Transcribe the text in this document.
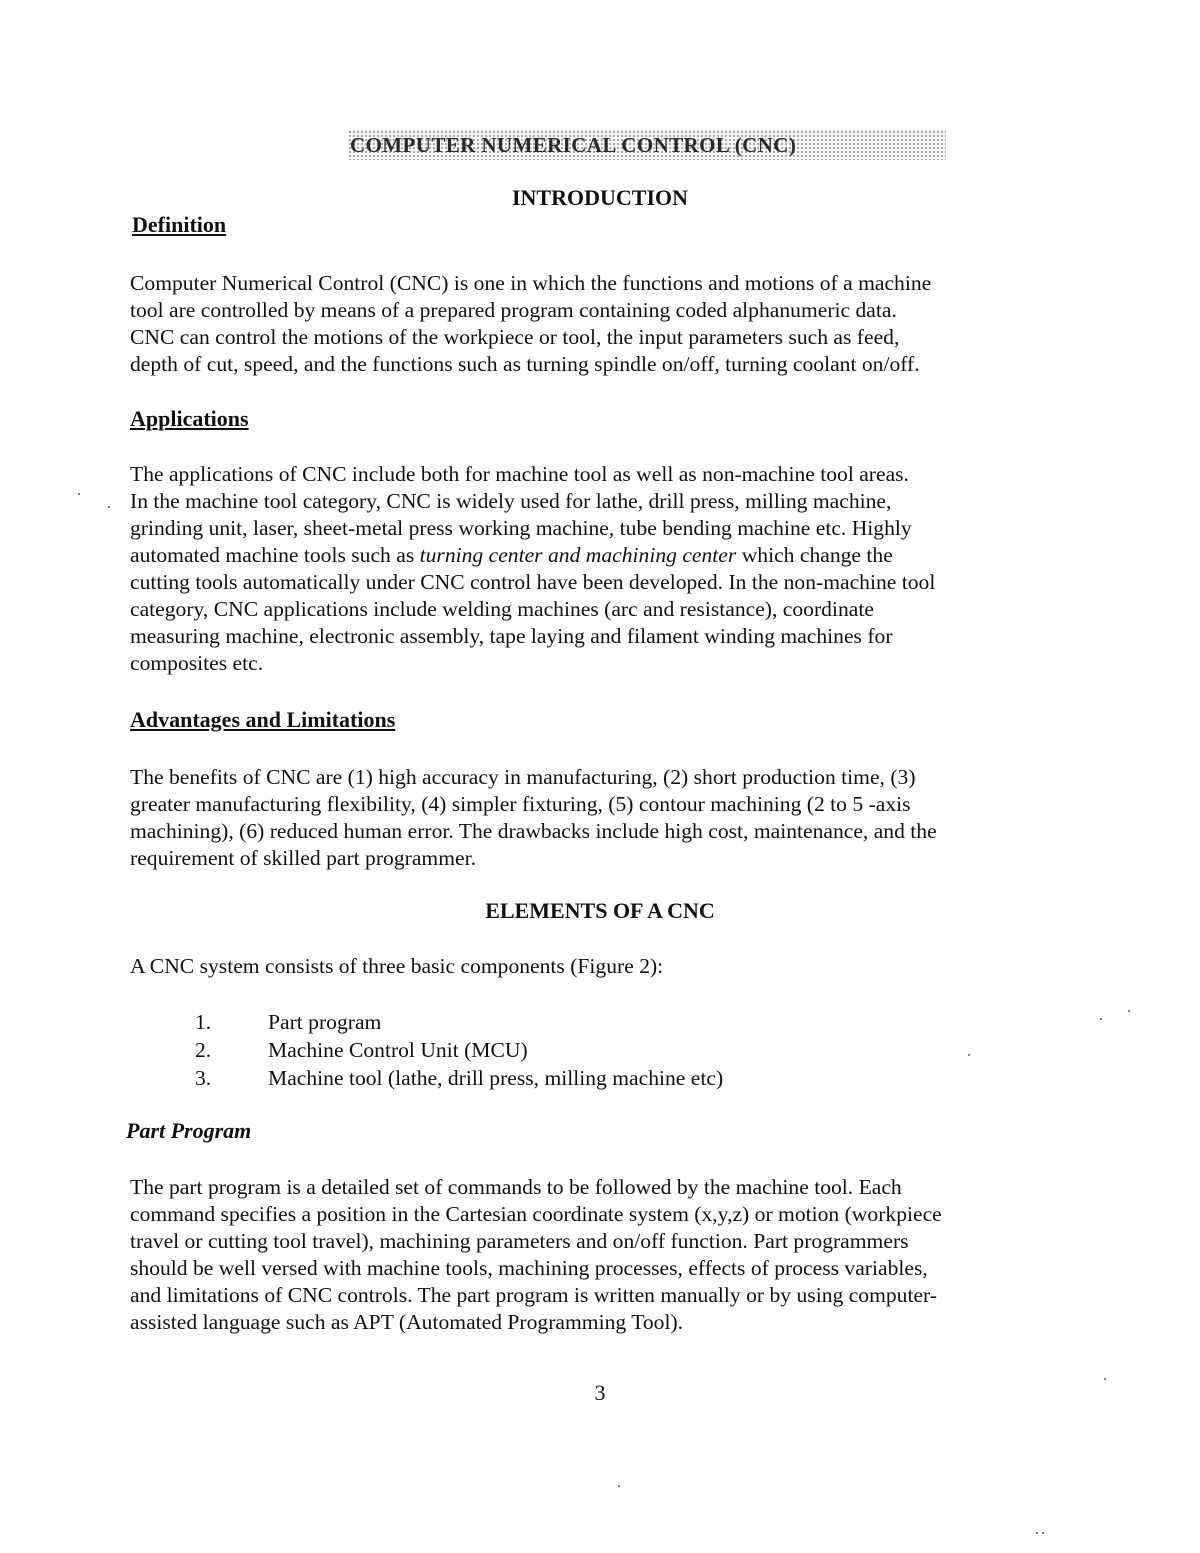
COMPUTER NUMERICAL CONTROL (CNC)
INTRODUCTION
Definition
Computer Numerical Control (CNC) is one in which the functions and motions of a machine
tool are controlled by means of a prepared program containing coded alphanumeric data.
CNC can control the motions of the workpiece or tool, the input parameters such as feed,
depth of cut, speed, and the functions such as turning spindle on/off, turning coolant on/off.
Applications
The applications of CNC include both for machine tool as well as non-machine tool areas.
In the machine tool category, CNC is widely used for lathe, drill press, milling machine,
grinding unit, laser, sheet-metal press working machine, tube bending machine etc. Highly
automated machine tools such as turning center and machining center which change the
cutting tools automatically under CNC control have been developed. In the non-machine tool
category, CNC applications include welding machines (arc and resistance), coordinate
measuring machine, electronic assembly, tape laying and filament winding machines for
composites etc.
Advantages and Limitations
The benefits of CNC are (1) high accuracy in manufacturing, (2) short production time, (3)
greater manufacturing flexibility, (4) simpler fixturing, (5) contour machining (2 to 5 -axis
machining), (6) reduced human error. The drawbacks include high cost, maintenance, and the
requirement of skilled part programmer.
ELEMENTS OF A CNC
A CNC system consists of three basic components (Figure 2):
1.	Part program
2.	Machine Control Unit (MCU)
3.	Machine tool (lathe, drill press, milling machine etc)
Part Program
The part program is a detailed set of commands to be followed by the machine tool. Each
command specifies a position in the Cartesian coordinate system (x,y,z) or motion (workpiece
travel or cutting tool travel), machining parameters and on/off function. Part programmers
should be well versed with machine tools, machining processes, effects of process variables,
and limitations of CNC controls. The part program is written manually or by using computer-
assisted language such as APT (Automated Programming Tool).
3
